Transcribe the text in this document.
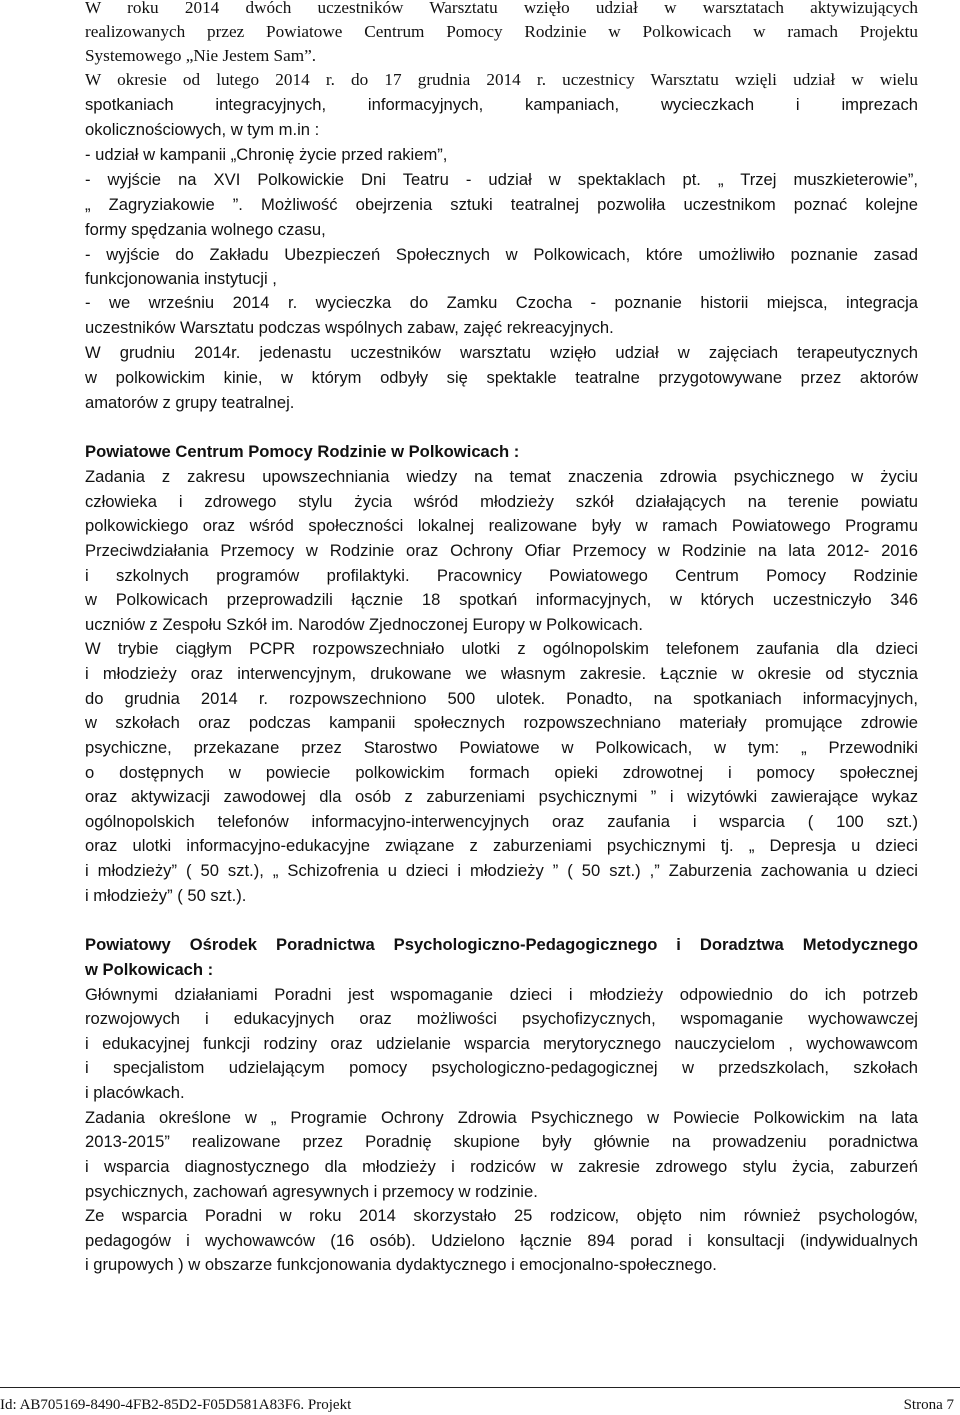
W roku 2014 dwóch uczestników Warsztatu wzięło udział w warsztatach aktywizujących

realizowanych przez Powiatowe Centrum Pomocy Rodzinie w Polkowicach w ramach Projektu

Systemowego „Nie Jestem Sam”.

W okresie od lutego 2014 r. do 17 grudnia 2014 r. uczestnicy Warsztatu wzięli udział w wielu

spotkaniach integracyjnych, informacyjnych, kampaniach, wycieczkach i imprezach

okolicznościowych, w tym m.in :

- udział w kampanii „Chronię życie przed rakiem”,

- wyjście na XVI Polkowickie Dni Teatru - udział w spektaklach pt. „ Trzej muszkieterowie”,

„ Zagryziakowie ”. Możliwość obejrzenia sztuki teatralnej pozwoliła uczestnikom poznać kolejne

formy spędzania wolnego czasu,

- wyjście do Zakładu Ubezpieczeń Społecznych w Polkowicach, które umożliwiło poznanie zasad

funkcjonowania instytucji ,

- we wrześniu 2014 r. wycieczka do Zamku Czocha - poznanie historii miejsca, integracja

uczestników Warsztatu podczas wspólnych zabaw, zajęć rekreacyjnych.

W grudniu 2014r. jedenastu uczestników warsztatu wzięło udział w zajęciach terapeutycznych

w polkowickim kinie, w którym odbyły się spektakle teatralne przygotowywane przez aktorów

amatorów z grupy teatralnej.

Powiatowe Centrum Pomocy Rodzinie w Polkowicach :

Zadania z zakresu upowszechniania wiedzy na temat znaczenia zdrowia psychicznego w życiu

człowieka i zdrowego stylu życia wśród młodzieży szkół działających na terenie powiatu

polkowickiego oraz wśród społeczności lokalnej realizowane były w ramach Powiatowego Programu

Przeciwdziałania Przemocy w Rodzinie oraz Ochrony Ofiar Przemocy w Rodzinie na lata 2012- 2016

i szkolnych programów profilaktyki. Pracownicy Powiatowego Centrum Pomocy Rodzinie

w Polkowicach przeprowadzili łącznie 18 spotkań informacyjnych, w których uczestniczyło 346

uczniów z Zespołu Szkół im. Narodów Zjednoczonej Europy w Polkowicach.

W trybie ciągłym PCPR rozpowszechniało ulotki z ogólnopolskim telefonem zaufania dla dzieci

i młodzieży oraz interwencyjnym, drukowane we własnym zakresie. Łącznie w okresie od stycznia

do grudnia 2014 r. rozpowszechniono 500 ulotek. Ponadto, na spotkaniach informacyjnych,

w szkołach oraz podczas kampanii społecznych rozpowszechniano materiały promujące zdrowie

psychiczne, przekazane przez Starostwo Powiatowe w Polkowicach, w tym: „ Przewodniki

o dostępnych w powiecie polkowickim formach opieki zdrowotnej i pomocy społecznej

oraz aktywizacji zawodowej dla osób z zaburzeniami psychicznymi ” i wizytówki zawierające wykaz

ogólnopolskich telefonów informacyjno-interwencyjnych oraz zaufania i wsparcia ( 100 szt.)

oraz ulotki informacyjno-edukacyjne związane z zaburzeniami psychicznymi tj. „ Depresja u dzieci

i młodzieży” ( 50 szt.), „ Schizofrenia u dzieci i młodzieży ” ( 50 szt.) ,” Zaburzenia zachowania u dzieci

i młodzieży” ( 50 szt.).

Powiatowy Ośrodek Poradnictwa Psychologiczno-Pedagogicznego i Doradztwa Metodycznego

w Polkowicach :

Głównymi działaniami Poradni jest wspomaganie dzieci i młodzieży odpowiednio do ich potrzeb

rozwojowych i edukacyjnych oraz możliwości psychofizycznych, wspomaganie wychowawczej

i edukacyjnej funkcji rodziny oraz udzielanie wsparcia merytorycznego nauczycielom , wychowawcom

i specjalistom udzielającym pomocy psychologiczno-pedagogicznej w przedszkolach, szkołach

i placówkach.

Zadania określone w „ Programie Ochrony Zdrowia Psychicznego w Powiecie Polkowickim na lata

2013-2015” realizowane przez Poradnię skupione były głównie na prowadzeniu poradnictwa

i wsparcia diagnostycznego dla młodzieży i rodziców w zakresie zdrowego stylu życia, zaburzeń

psychicznych, zachowań agresywnych i przemocy w rodzinie.

Ze wsparcia Poradni w roku 2014 skorzystało 25 rodzicow, objęto nim również psychologów,

pedagogów i wychowawców (16 osób). Udzielono łącznie 894 porad i konsultacji (indywidualnych

i grupowych ) w obszarze funkcjonowania dydaktycznego i emocjonalno-społecznego.

Id: AB705169-8490-4FB2-85D2-F05D581A83F6. Projekt	Strona 7
